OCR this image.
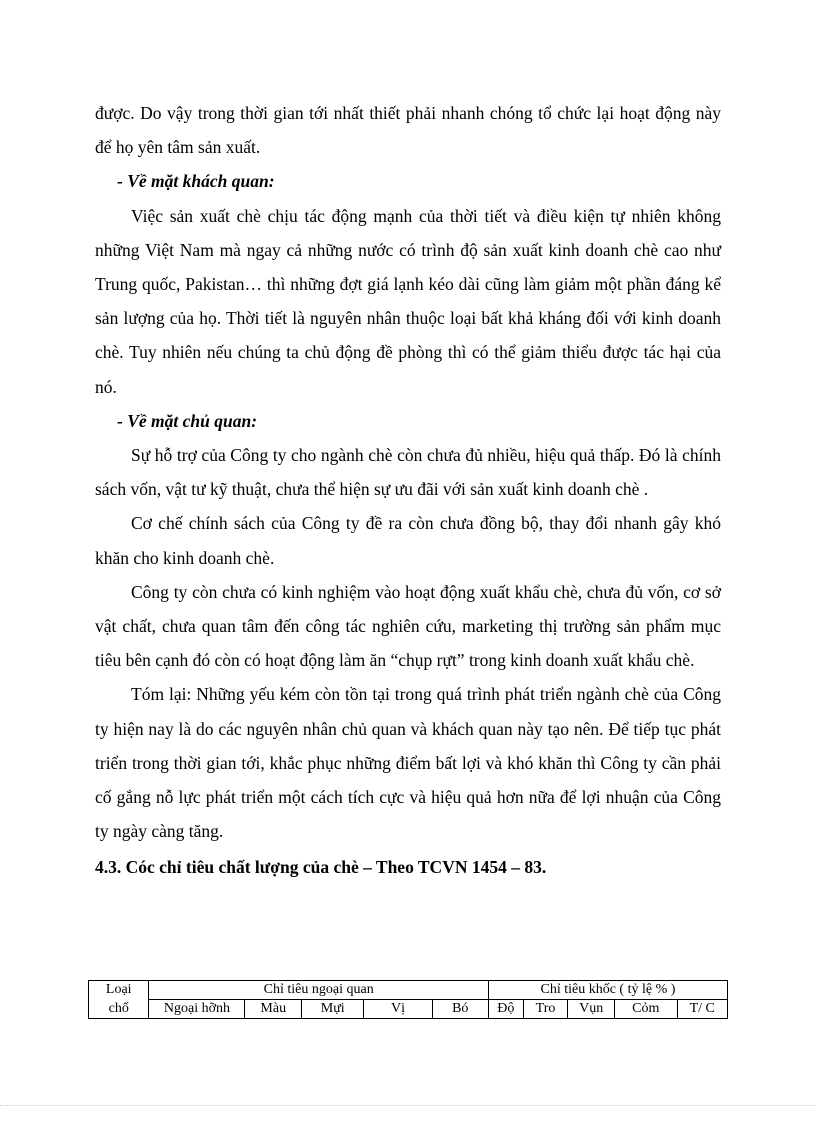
được. Do vậy trong thời gian tới nhất thiết phải nhanh chóng tổ chức lại hoạt động này để họ yên tâm sản xuất.

- Về mặt khách quan:

Việc sản xuất chè chịu tác động mạnh của thời tiết và điều kiện tự nhiên không những Việt Nam mà ngay cả những nước có trình độ sản xuất kinh doanh chè cao như Trung quốc, Pakistan… thì những đợt giá lạnh kéo dài cũng làm giảm một phần đáng kể sản lượng của họ. Thời tiết là nguyên nhân thuộc loại bất khả kháng đối với kinh doanh chè. Tuy nhiên nếu chúng ta chủ động đề phòng thì có thể giảm thiểu được tác hại của nó.

- Về mặt chủ quan:

Sự hỗ trợ của Công ty cho ngành chè còn chưa đủ nhiều, hiệu quả thấp. Đó là chính sách vốn, vật tư kỹ thuật, chưa thể hiện sự ưu đãi với sản xuất kinh doanh chè .

Cơ chế chính sách của Công ty đề ra còn chưa đồng bộ, thay đổi nhanh gây khó khăn cho kinh doanh chè.

Công ty còn chưa có kinh nghiệm vào hoạt động xuất khẩu chè, chưa đủ vốn, cơ sở vật chất, chưa quan tâm đến công tác nghiên cứu, marketing thị trường sản phẩm mục tiêu bên cạnh đó còn có hoạt động làm ăn “chụp rựt” trong kinh doanh xuất khẩu chè.

Tóm lại: Những yếu kém còn tồn tại trong quá trình phát triển ngành chè của Công ty hiện nay là do các nguyên nhân chủ quan và khách quan này tạo nên. Để tiếp tục phát triển trong thời gian tới, khắc phục những điểm bất lợi và khó khăn thì Công ty cần phải cố gắng nỗ lực phát triển một cách tích cực và hiệu quả hơn nữa để lợi nhuận của Công ty ngày càng tăng.

4.3. Cóc chỉ tiêu chất lượng của chè – Theo TCVN 1454 – 83.

Loại	Chỉ tiêu ngoại quan					Chỉ tiêu khốc ( tỷ lệ % )				
chố	Ngoại hỡnh	Màu	Mựi	Vị	Bó	Độ	Tro	Vụn	Cỏm	T/ C
